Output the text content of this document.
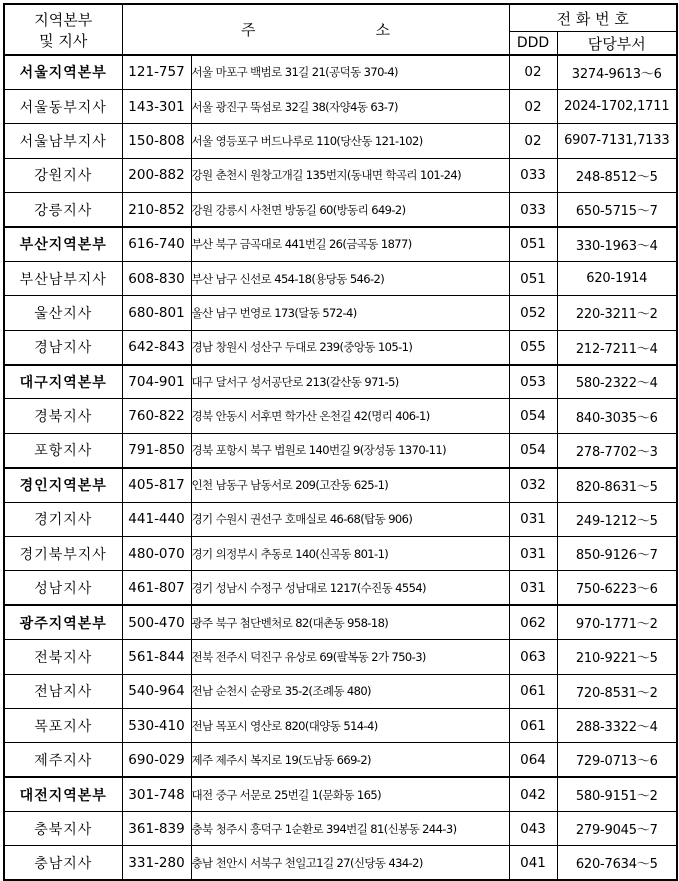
지역본부
및 지사	주 소		전 화 번 호	
			DDD	담당부서
서울지역본부	121-757	서울 마포구 백범로 31길 21(공덕동 370-4)	02	3274-9613～6
서울동부지사	143-301	서울 광진구 뚝섬로 32길 38(자양4동 63-7)	02	2024-1702,1711
서울남부지사	150-808	서울 영등포구 버드나루로 110(당산동 121-102)	02	6907-7131,7133
강원지사	200-882	강원 춘천시 원창고개길 135번지(동내면 학곡리 101-24)	033	248-8512～5
강릉지사	210-852	강원 강릉시 사천면 방동길 60(방동리 649-2)	033	650-5715～7
부산지역본부	616-740	부산 북구 금곡대로 441번길 26(금곡동 1877)	051	330-1963～4
부산남부지사	608-830	부산 남구 신선로 454-18(용당동 546-2)	051	620-1914
울산지사	680-801	울산 남구 번영로 173(달동 572-4)	052	220-3211～2
경남지사	642-843	경남 창원시 성산구 두대로 239(중앙동 105-1)	055	212-7211～4
대구지역본부	704-901	대구 달서구 성서공단로 213(갈산동 971-5)	053	580-2322～4
경북지사	760-822	경북 안동시 서후면 학가산 온천길 42(명리 406-1)	054	840-3035～6
포항지사	791-850	경북 포항시 북구 법원로 140번길 9(장성동 1370-11)	054	278-7702～3
경인지역본부	405-817	인천 남동구 남동서로 209(고잔동 625-1)	032	820-8631～5
경기지사	441-440	경기 수원시 권선구 호매실로 46-68(탑동 906)	031	249-1212～5
경기북부지사	480-070	경기 의정부시 추동로 140(신곡동 801-1)	031	850-9126～7
성남지사	461-807	경기 성남시 수정구 성남대로 1217(수진동 4554)	031	750-6223～6
광주지역본부	500-470	광주 북구 첨단벤처로 82(대촌동 958-18)	062	970-1771～2
전북지사	561-844	전북 전주시 덕진구 유상로 69(팔복동 2가 750-3)	063	210-9221～5
전남지사	540-964	전남 순천시 순광로 35-2(조례동 480)	061	720-8531～2
목포지사	530-410	전남 목포시 영산로 820(대양동 514-4)	061	288-3322～4
제주지사	690-029	제주 제주시 복지로 19(도남동 669-2)	064	729-0713～6
대전지역본부	301-748	대전 중구 서문로 25번길 1(문화동 165)	042	580-9151～2
충북지사	361-839	충북 청주시 흥덕구 1순환로 394번길 81(신봉동 244-3)	043	279-9045～7
충남지사	331-280	충남 천안시 서북구 천일고1길 27(신당동 434-2)	041	620-7634～5
